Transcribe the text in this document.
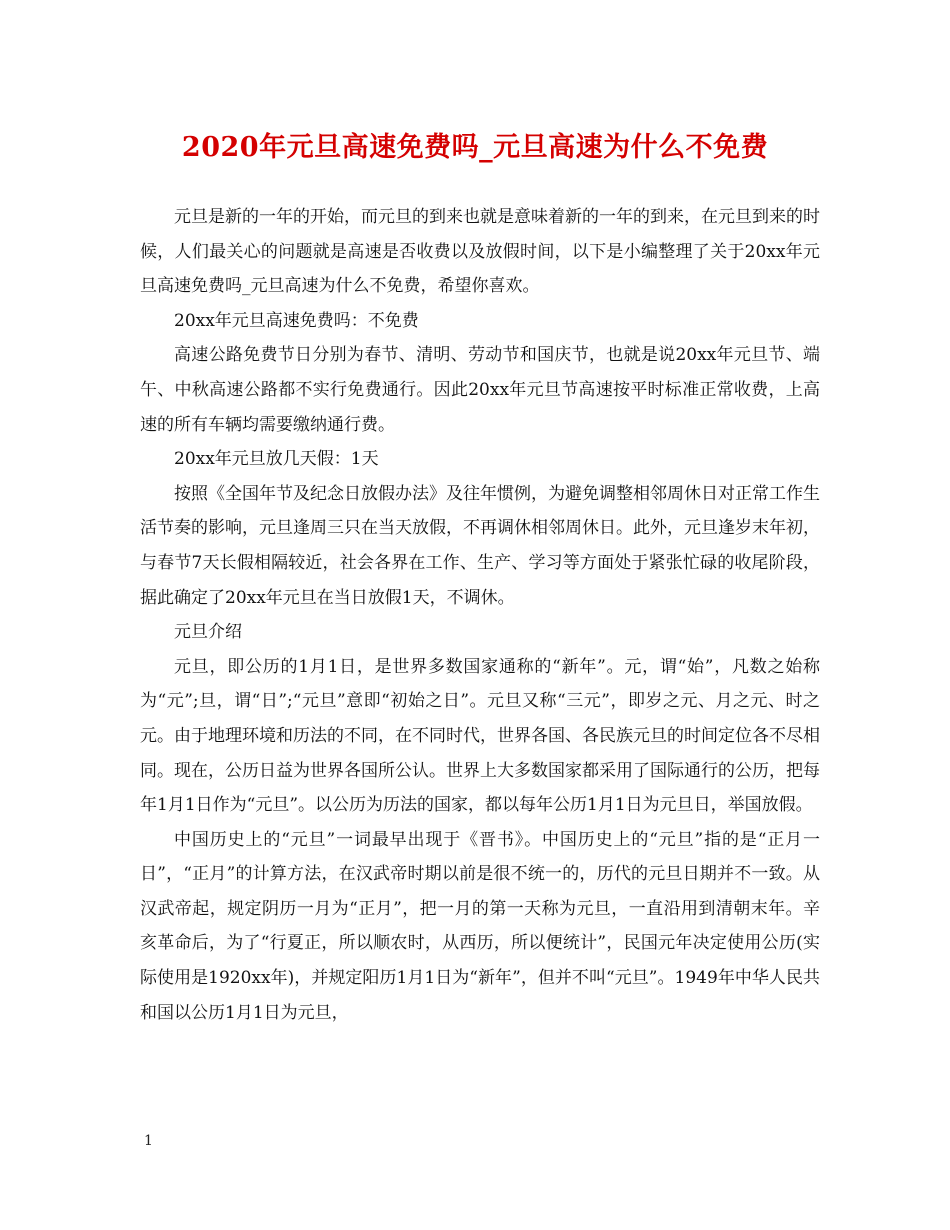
2020年元旦高速免费吗_元旦高速为什么不免费

元旦是新的一年的开始，而元旦的到来也就是意味着新的一年的到来，在元旦到来的时候，人们最关心的问题就是高速是否收费以及放假时间，以下是小编整理了关于20xx年元旦高速免费吗_元旦高速为什么不免费，希望你喜欢。

20xx年元旦高速免费吗：不免费

高速公路免费节日分别为春节、清明、劳动节和国庆节，也就是说20xx年元旦节、端午、中秋高速公路都不实行免费通行。因此20xx年元旦节高速按平时标准正常收费，上高速的所有车辆均需要缴纳通行费。

20xx年元旦放几天假：1天

按照《全国年节及纪念日放假办法》及往年惯例，为避免调整相邻周休日对正常工作生活节奏的影响，元旦逢周三只在当天放假，不再调休相邻周休日。此外，元旦逢岁末年初，与春节7天长假相隔较近，社会各界在工作、生产、学习等方面处于紧张忙碌的收尾阶段，据此确定了20xx年元旦在当日放假1天，不调休。

元旦介绍

元旦，即公历的1月1日，是世界多数国家通称的“新年”。元，谓“始”，凡数之始称为“元”;旦，谓“日”;“元旦”意即“初始之日”。元旦又称“三元”，即岁之元、月之元、时之元。由于地理环境和历法的不同，在不同时代，世界各国、各民族元旦的时间定位各不尽相同。现在，公历日益为世界各国所公认。世界上大多数国家都采用了国际通行的公历，把每年1月1日作为“元旦”。以公历为历法的国家，都以每年公历1月1日为元旦日，举国放假。

中国历史上的“元旦”一词最早出现于《晋书》。中国历史上的“元旦”指的是“正月一日”，“正月”的计算方法，在汉武帝时期以前是很不统一的，历代的元旦日期并不一致。从汉武帝起，规定阴历一月为“正月”，把一月的第一天称为元旦，一直沿用到清朝末年。辛亥革命后，为了“行夏正，所以顺农时，从西历，所以便统计”，民国元年决定使用公历(实际使用是1920xx年)，并规定阳历1月1日为“新年”，但并不叫“元旦”。1949年中华人民共和国以公历1月1日为元旦，

1
